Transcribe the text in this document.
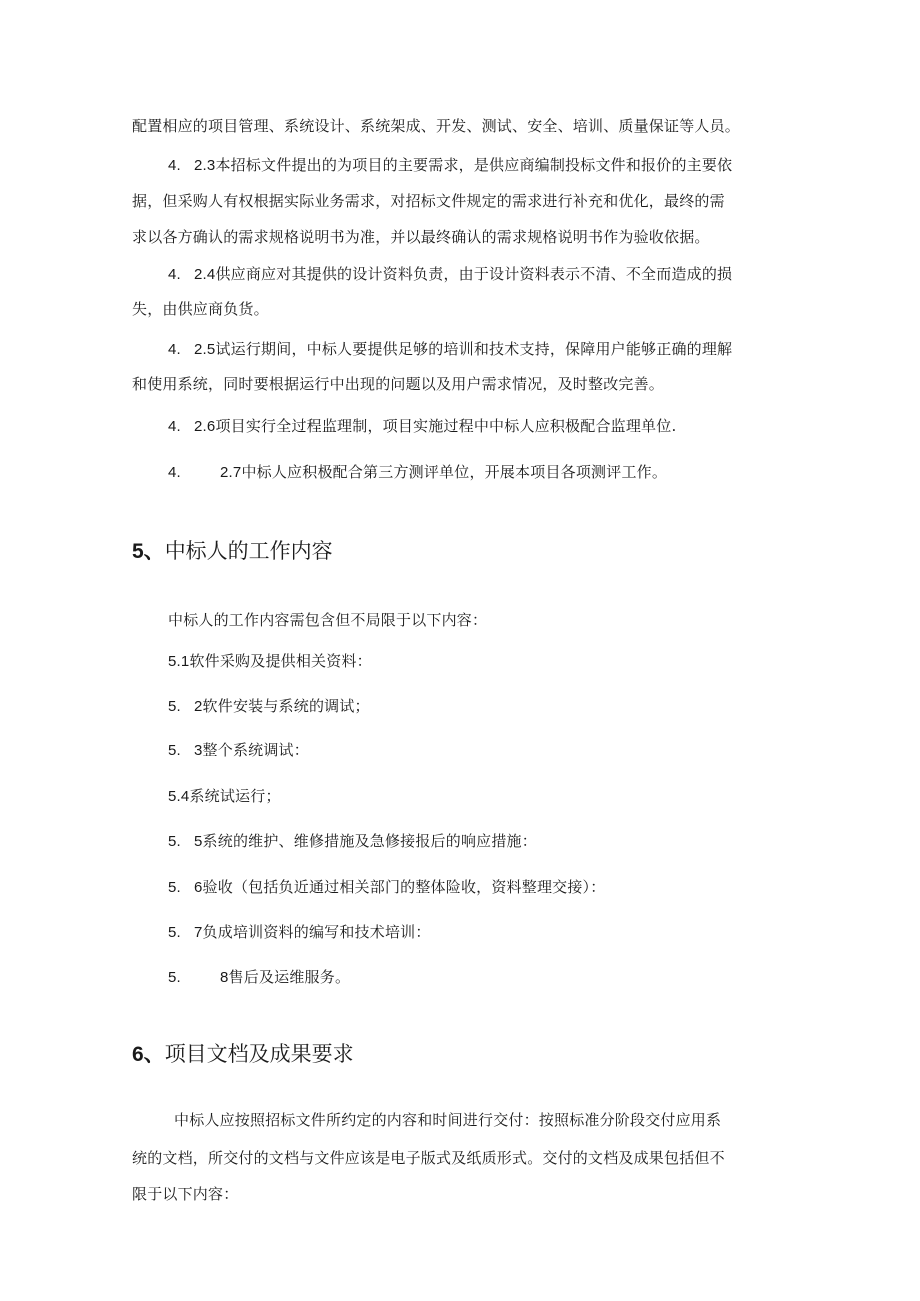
配置相应的项目管理、系统设计、系统架成、开发、测试、安全、培训、质量保证等人员。
4. 2.3本招标文件提出的为项目的主要需求，是供应商编制投标文件和报价的主要依
据，但采购人有权根据实际业务需求，对招标文件规定的需求进行补充和优化，最终的需
求以各方确认的需求规格说明书为准，并以最终确认的需求规格说明书作为验收依据。
4. 2.4供应商应对其提供的设计资料负责，由于设计资料表示不清、不全而造成的损
失，由供应商负货。
4. 2.5试运行期间，中标人要提供足够的培训和技术支持，保障用户能够正确的理解
和使用系统，同时要根据运行中出现的问题以及用户需求情况，及时整改完善。
4. 2.6项目实行全过程监理制，项目实施过程中中标人应积极配合监理单位.
4.	2.7中标人应积极配合第三方测评单位，开展本项目各项测评工作。
5、中标人的工作内容
中标人的工作内容需包含但不局限于以下内容：
5.1软件采购及提供相关资料：
5. 2软件安装与系统的调试；
5. 3整个系统调试：
5.4系统试运行；
5. 5系统的维护、维修措施及急修接报后的响应措施：
5. 6验收（包括负近通过相关部门的整体险收，资料整理交接）：
5. 7负成培训资料的编写和技术培训：
5.	8售后及运维服务。
6、项目文档及成果要求
中标人应按照招标文件所约定的内容和时间进行交付：按照标准分阶段交付应用系
统的文档，所交付的文档与文件应该是电子版式及纸质形式。交付的文档及成果包括但不
限于以下内容：
